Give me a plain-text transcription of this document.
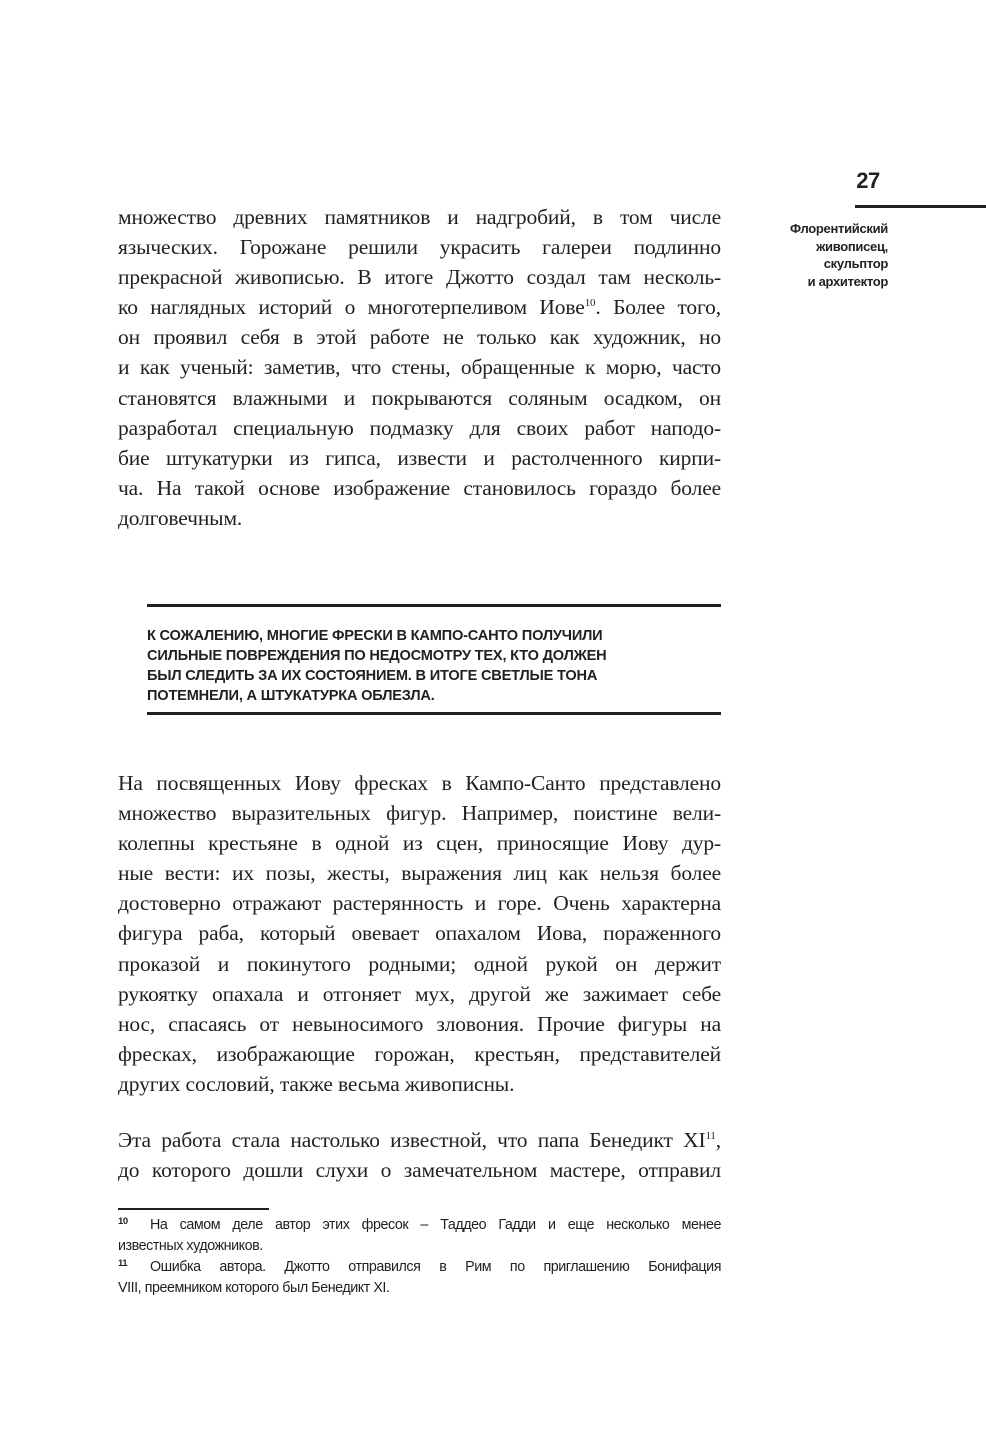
27
Флорентийский
живописец,
скульптор
и архитектор
множество древних памятников и надгробий, в том числе
языческих. Горожане решили украсить галереи подлинно
прекрасной живописью. В итоге Джотто создал там несколь-
ко наглядных историй о многотерпеливом Иове$^{10}$. Более того,
он проявил себя в этой работе не только как художник, но
и как ученый: заметив, что стены, обращенные к морю, часто
становятся влажными и покрываются соляным осадком, он
разработал специальную подмазку для своих работ наподо-
бие штукатурки из гипса, извести и растолченного кирпи-
ча. На такой основе изображение становилось гораздо более
долговечным.
К СОЖАЛЕНИЮ, МНОГИЕ ФРЕСКИ В КАМПО-САНТО ПОЛУЧИЛИ
СИЛЬНЫЕ ПОВРЕЖДЕНИЯ ПО НЕДОСМОТРУ ТЕХ, КТО ДОЛЖЕН
БЫЛ СЛЕДИТЬ ЗА ИХ СОСТОЯНИЕМ. В ИТОГЕ СВЕТЛЫЕ ТОНА
ПОТЕМНЕЛИ, А ШТУКАТУРКА ОБЛЕЗЛА.
На посвященных Иову фресках в Кампо-Санто представлено
множество выразительных фигур. Например, поистине вели-
колепны крестьяне в одной из сцен, приносящие Иову дур-
ные вести: их позы, жесты, выражения лиц как нельзя более
достоверно отражают растерянность и горе. Очень характерна
фигура раба, который овевает опахалом Иова, пораженного
проказой и покинутого родными; одной рукой он держит
рукоятку опахала и отгоняет мух, другой же зажимает себе
нос, спасаясь от невыносимого зловония. Прочие фигуры на
фресках, изображающие горожан, крестьян, представителей
других сословий, также весьма живописны.
Эта работа стала настолько известной, что папа Бенедикт XI$^{11}$,
до которого дошли слухи о замечательном мастере, отправил
10 На самом деле автор этих фресок – Таддео Гадди и еще несколько менее
известных художников.
11 Ошибка автора. Джотто отправился в Рим по приглашению Бонифация
VIII, преемником которого был Бенедикт XI.
